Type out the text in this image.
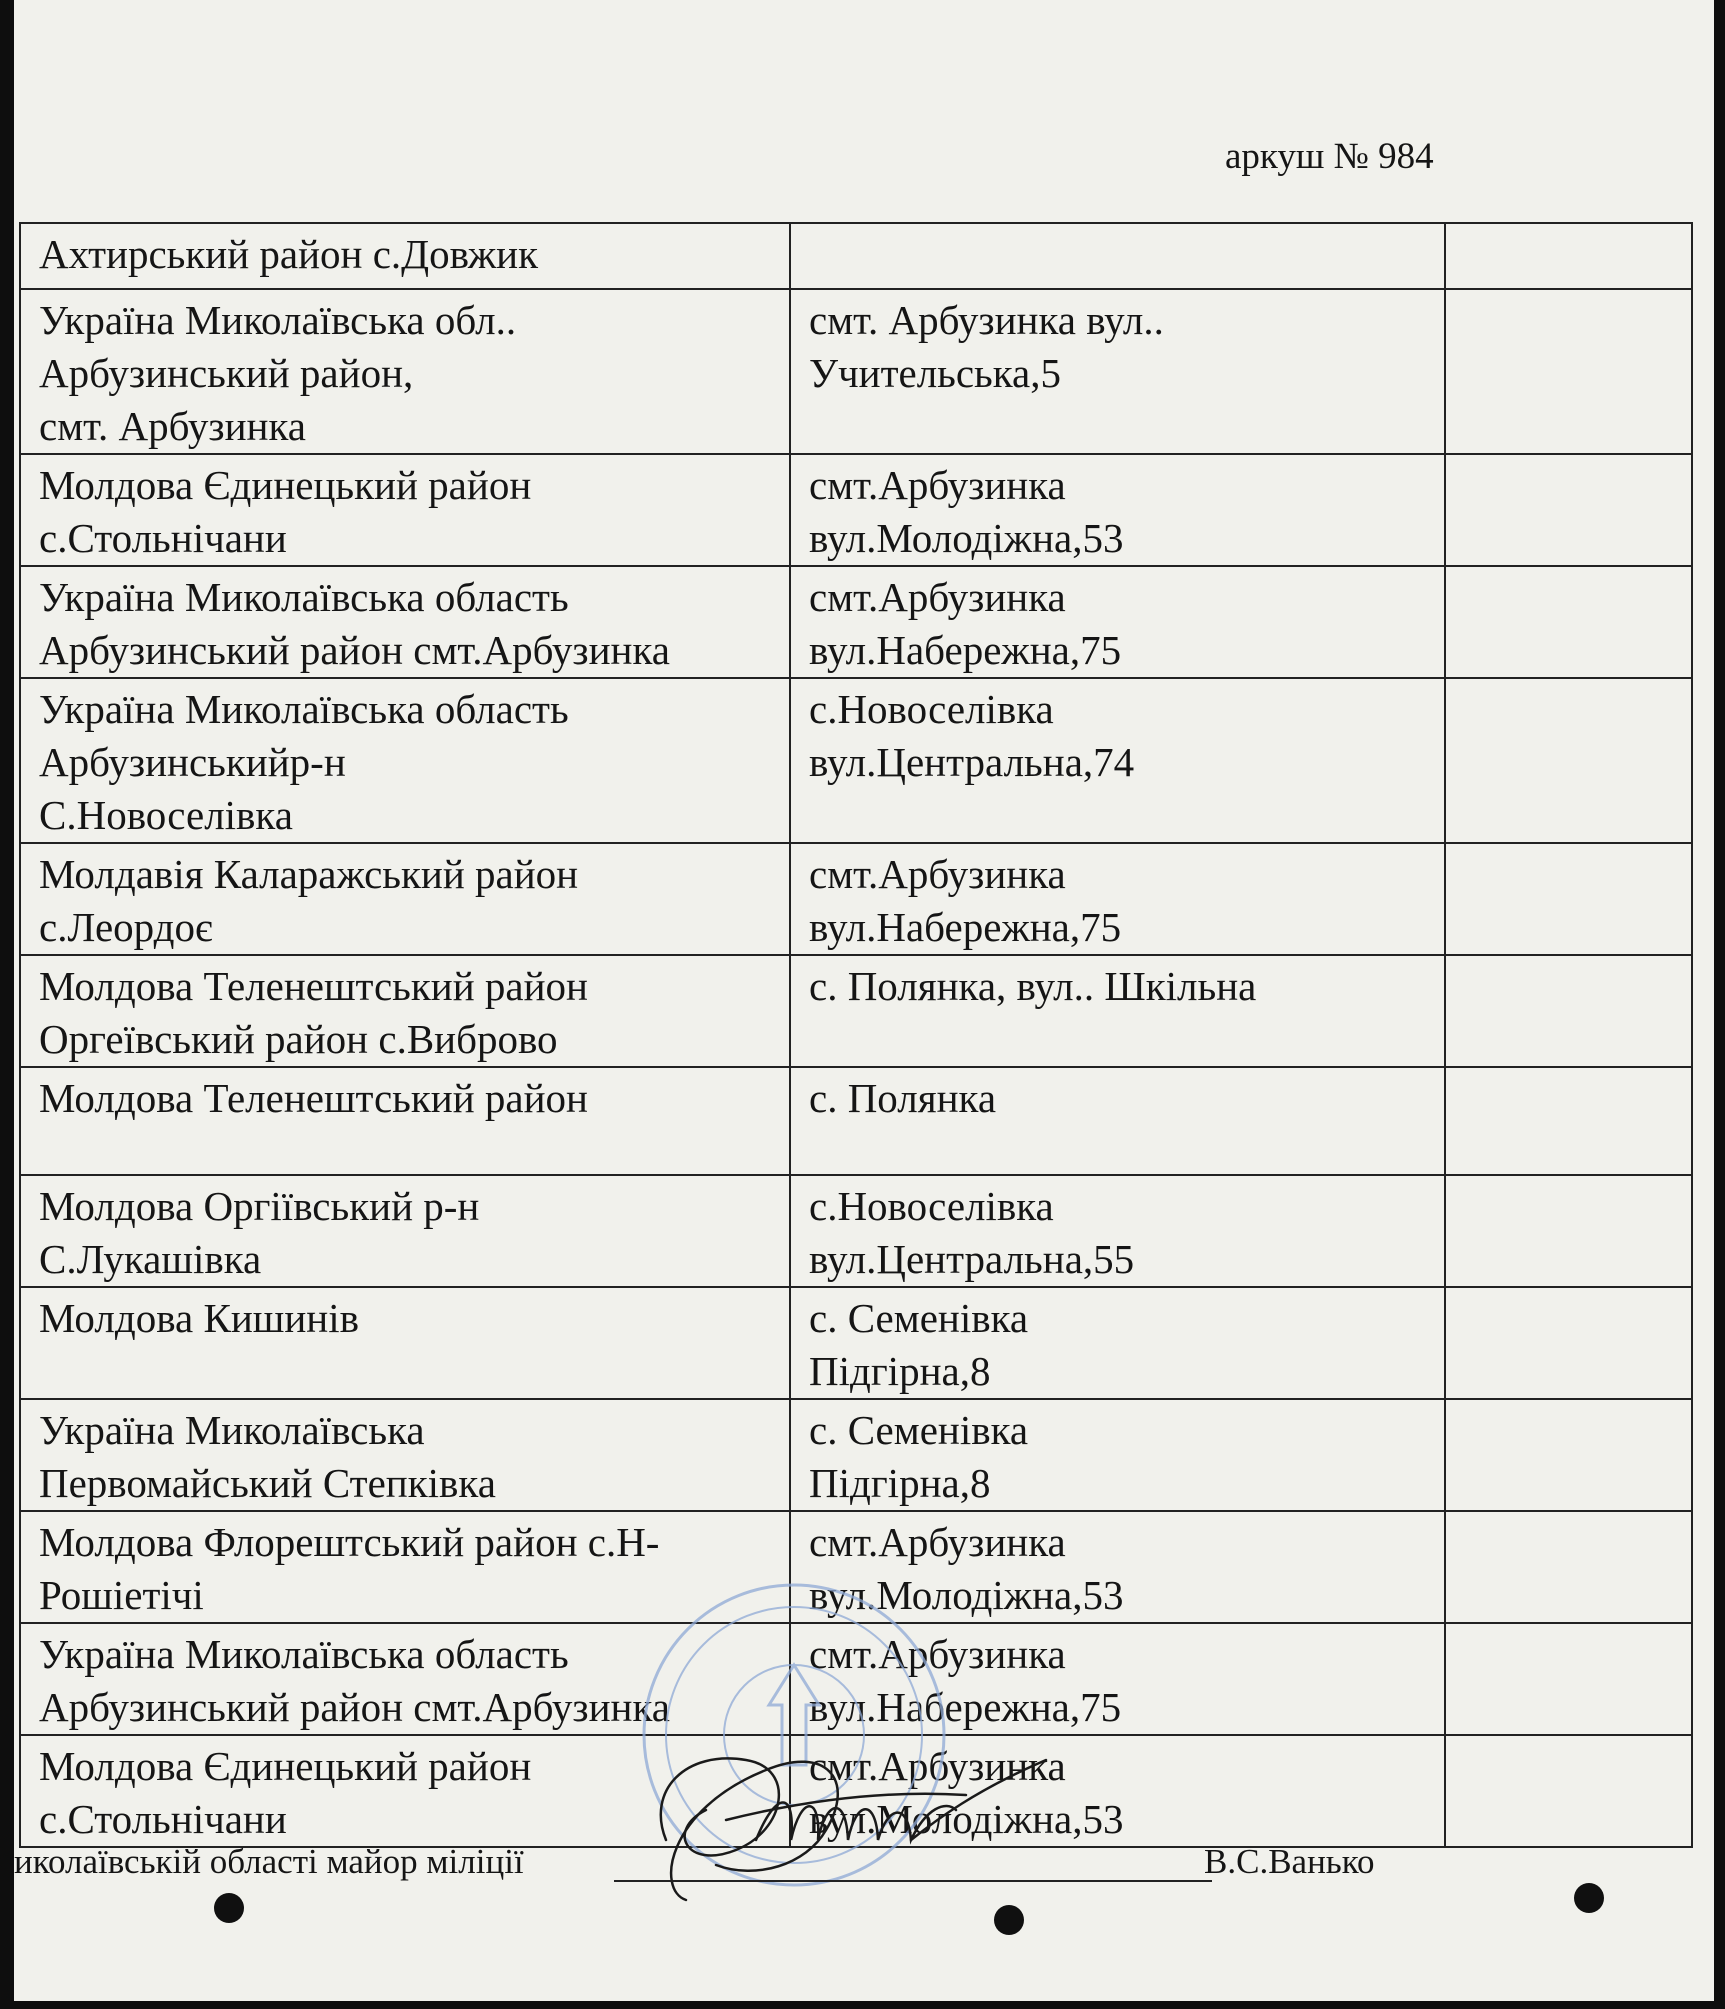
аркуш № 984
Ахтирський район с.Довжик		
Україна Миколаївська обл..
Арбузинський район,
смт. Арбузинка	смт. Арбузинка вул..
Учительська,5	
Молдова Єдинецький район
с.Стольнічани	смт.Арбузинка
вул.Молодіжна,53	
Україна Миколаївська область
Арбузинський район смт.Арбузинка	смт.Арбузинка
вул.Набережна,75	
Україна Миколаївська область
Арбузинськийр-н
С.Новоселівка	с.Новоселівка
вул.Центральна,74	
Молдавія Каларажський район
с.Леордоє	смт.Арбузинка
вул.Набережна,75	
Молдова Теленештський район
Оргеївський район с.Виброво	с. Полянка, вул.. Шкільна	
Молдова Теленештський район	с. Полянка	
Молдова Оргіївський р-н
С.Лукашівка	с.Новоселівка
вул.Центральна,55	
Молдова Кишинів	с. Семенівка
Підгірна,8	
Україна Миколаївська
Первомайський Степківка	с. Семенівка
Підгірна,8	
Молдова Флорештський район с.Н-
Рошіетічі	смт.Арбузинка
вул.Молодіжна,53	
Україна Миколаївська область
Арбузинський район смт.Арбузинка	смт.Арбузинка
вул.Набережна,75	
Молдова Єдинецький район
с.Стольнічани	смт.Арбузинка
вул.Молодіжна,53	
иколаївській області майор міліції	В.С.Ванько
